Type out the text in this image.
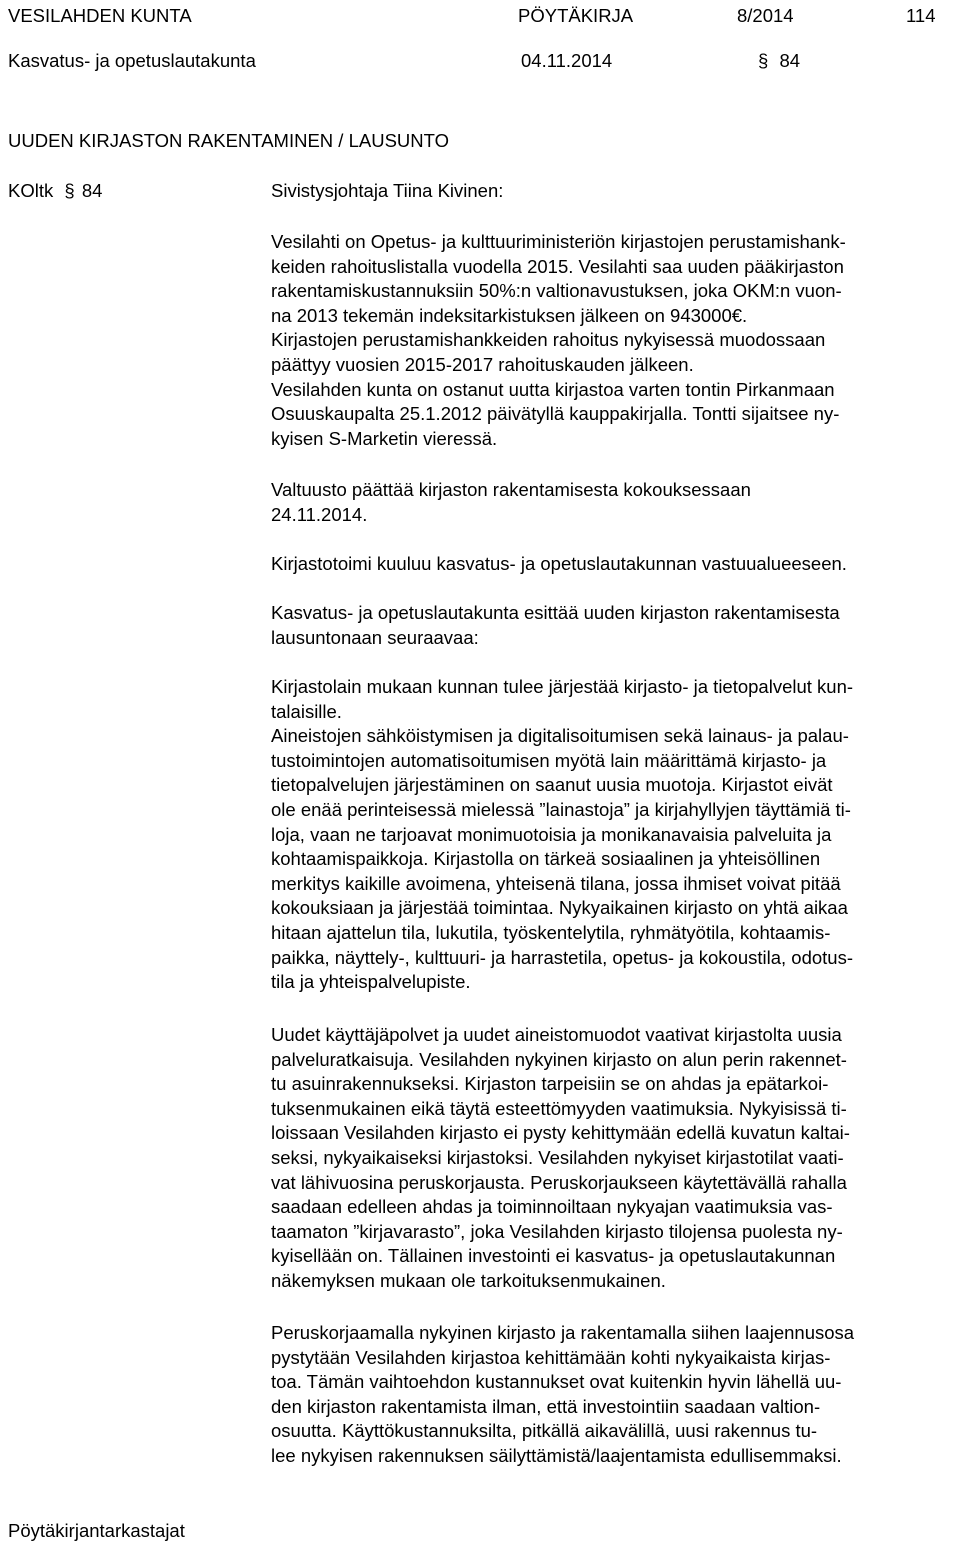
VESILAHDEN KUNTA	PÖYTÄKIRJA	8/2014	114
Kasvatus- ja opetuslautakunta	04.11.2014	§ 84
UUDEN KIRJASTON RAKENTAMINEN / LAUSUNTO
KOltk § 84	Sivistysjohtaja Tiina Kivinen:
Vesilahti on Opetus- ja kulttuuriministeriön kirjastojen perustamishank-
keiden rahoituslistalla vuodella 2015. Vesilahti saa uuden pääkirjaston
rakentamiskustannuksiin 50%:n valtionavustuksen, joka OKM:n vuon-
na 2013 tekemän indeksitarkistuksen jälkeen on 943000€.
Kirjastojen perustamishankkeiden rahoitus nykyisessä muodossaan
päättyy vuosien 2015-2017 rahoituskauden jälkeen.
Vesilahden kunta on ostanut uutta kirjastoa varten tontin Pirkanmaan
Osuuskaupalta 25.1.2012 päivätyllä kauppakirjalla. Tontti sijaitsee ny-
kyisen S-Marketin vieressä.
Valtuusto päättää kirjaston rakentamisesta kokouksessaan
24.11.2014.
Kirjastotoimi kuuluu kasvatus- ja opetuslautakunnan vastuualueeseen.
Kasvatus- ja opetuslautakunta esittää uuden kirjaston rakentamisesta
lausuntonaan seuraavaa:
Kirjastolain mukaan kunnan tulee järjestää kirjasto- ja tietopalvelut kun-
talaisille.
Aineistojen sähköistymisen ja digitalisoitumisen sekä lainaus- ja palau-
tustoimintojen automatisoitumisen myötä lain määrittämä kirjasto- ja
tietopalvelujen järjestäminen on saanut uusia muotoja. Kirjastot eivät
ole enää perinteisessä mielessä ”lainastoja” ja kirjahyllyjen täyttämiä ti-
loja, vaan ne tarjoavat monimuotoisia ja monikanavaisia palveluita ja
kohtaamispaikkoja. Kirjastolla on tärkeä sosiaalinen ja yhteisöllinen
merkitys kaikille avoimena, yhteisenä tilana, jossa ihmiset voivat pitää
kokouksiaan ja järjestää toimintaa. Nykyaikainen kirjasto on yhtä aikaa
hitaan ajattelun tila, lukutila, työskentelytila, ryhmätyötila, kohtaamis-
paikka, näyttely-, kulttuuri- ja harrastetila, opetus- ja kokoustila, odotus-
tila ja yhteispalvelupiste.
Uudet käyttäjäpolvet ja uudet aineistomuodot vaativat kirjastolta uusia
palveluratkaisuja. Vesilahden nykyinen kirjasto on alun perin rakennet-
tu asuinrakennukseksi. Kirjaston tarpeisiin se on ahdas ja epätarkoi-
tuksenmukainen eikä täytä esteettömyyden vaatimuksia. Nykyisissä ti-
loissaan Vesilahden kirjasto ei pysty kehittymään edellä kuvatun kaltai-
seksi, nykyaikaiseksi kirjastoksi. Vesilahden nykyiset kirjastotilat vaati-
vat lähivuosina peruskorjausta. Peruskorjaukseen käytettävällä rahalla
saadaan edelleen ahdas ja toiminnoiltaan nykyajan vaatimuksia vas-
taamaton ”kirjavarasto”, joka Vesilahden kirjasto tilojensa puolesta ny-
kyisellään on. Tällainen investointi ei kasvatus- ja opetuslautakunnan
näkemyksen mukaan ole tarkoituksenmukainen.
Peruskorjaamalla nykyinen kirjasto ja rakentamalla siihen laajennusosa
pystytään Vesilahden kirjastoa kehittämään kohti nykyaikaista kirjas-
toa. Tämän vaihtoehdon kustannukset ovat kuitenkin hyvin lähellä uu-
den kirjaston rakentamista ilman, että investointiin saadaan valtion-
osuutta. Käyttökustannuksilta, pitkällä aikavälillä, uusi rakennus tu-
lee nykyisen rakennuksen säilyttämistä/laajentamista edullisemmaksi.
Pöytäkirjantarkastajat
